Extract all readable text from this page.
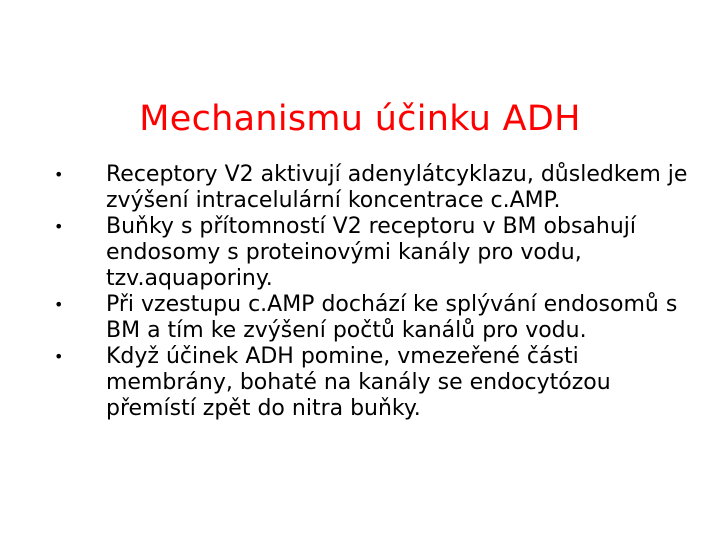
Mechanismu účinku ADH
• Receptory V2 aktivují adenylátcyklazu, důsledkem je zvýšení intracelulární koncentrace c.AMP.
• Buňky s přítomností V2 receptoru v BM obsahují endosomy s proteinovými kanály pro vodu, tzv.aquaporiny.
• Při vzestupu c.AMP dochází ke splývání endosomů s BM a tím ke zvýšení počtů kanálů pro vodu.
• Když účinek ADH pomine, vmezeřené části membrány, bohaté na kanály se endocytózou přemístí zpět do nitra buňky.
